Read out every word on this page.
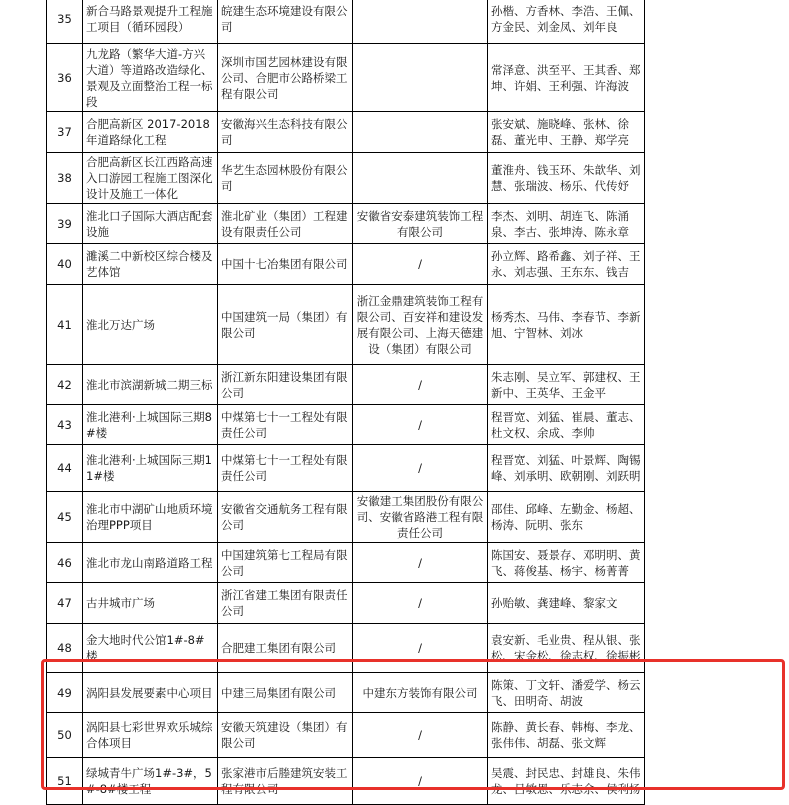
35	新合马路景观提升工程施工项目（循环园段）	皖建生态环境建设有限公司		孙楷、方香林、李浩、王佩、方金民、刘金凤、刘年良
36	九龙路（繁华大道-方兴大道）等道路改造绿化、景观及立面整治工程一标段	深圳市国艺园林建设有限公司、合肥市公路桥梁工程有限公司		常泽意、洪至平、王其香、郑坤、许娟、王利强、许海波
37	合肥高新区 2017-2018 年道路绿化工程	安徽海兴生态科技有限公司		张安斌、施晓峰、张林、徐磊、董光申、王静、郑学亮
38	合肥高新区长江西路高速入口游园工程施工图深化设计及施工一体化	华艺生态园林股份有限公司		董淮舟、钱玉环、朱歆华、刘慧、张瑞波、杨乐、代传妤
39	淮北口子国际大酒店配套设施	淮北矿业（集团）工程建设有限责任公司	安徽省安泰建筑装饰工程有限公司	李杰、刘明、胡连飞、陈涌泉、李古、张坤涛、陈永章
40	濉溪二中新校区综合楼及艺体馆	中国十七冶集团有限公司	/	孙立辉、路希鑫、刘子祥、王永、刘志强、王东东、钱吉
41	淮北万达广场	中国建筑一局（集团）有限公司	浙江金鼎建筑装饰工程有限公司、百安祥和建设发展有限公司、上海天德建设（集团）有限公司	杨秀杰、马伟、李春节、李新旭、宁智林、刘冰
42	淮北市滨湖新城二期三标	浙江新东阳建设集团有限公司	/	朱志刚、吴立军、郭建权、王新中、王英华、王金平
43	淮北港利·上城国际三期8#楼	中煤第七十一工程处有限责任公司	/	程晋宽、刘猛、崔晨、董志、杜文权、余成、李帅
44	淮北港利·上城国际三期11#楼	中煤第七十一工程处有限责任公司	/	程晋宽、刘猛、叶景辉、陶锡峰、刘承明、欧朝刚、刘跃明
45	淮北市中湖矿山地质环境治理PPP项目	安徽省交通航务工程有限公司	安徽建工集团股份有限公司、安徽省路港工程有限责任公司	邵佳、邱峰、左勤金、杨超、杨涛、阮明、张东
46	淮北市龙山南路道路工程	中国建筑第七工程局有限公司	/	陈国安、聂景存、邓明明、黄飞、蒋俊基、杨宇、杨菁菁
47	古井城市广场	浙江省建工集团有限责任公司	/	孙贻敏、龚建峰、黎家文
48	金大地时代公馆1#-8#楼	合肥建工集团有限公司	/	袁安新、毛业贵、程从银、张松、宋金松、徐志权、徐振彬
49	涡阳县发展要素中心项目	中建三局集团有限公司	中建东方装饰有限公司	陈策、丁文轩、潘爱学、杨云飞、田明奇、胡波
50	涡阳县七彩世界欢乐城综合体项目	安徽天筑建设（集团）有限公司	/	陈静、黄长春、韩梅、李龙、张伟伟、胡磊、张文辉
51	绿城青牛广场1#-3#，5#-8#楼工程	张家港市后塍建筑安装工程有限公司	/	吴震、封民忠、封雄良、朱伟龙、吕敏恩、乐志余、侯利扬
